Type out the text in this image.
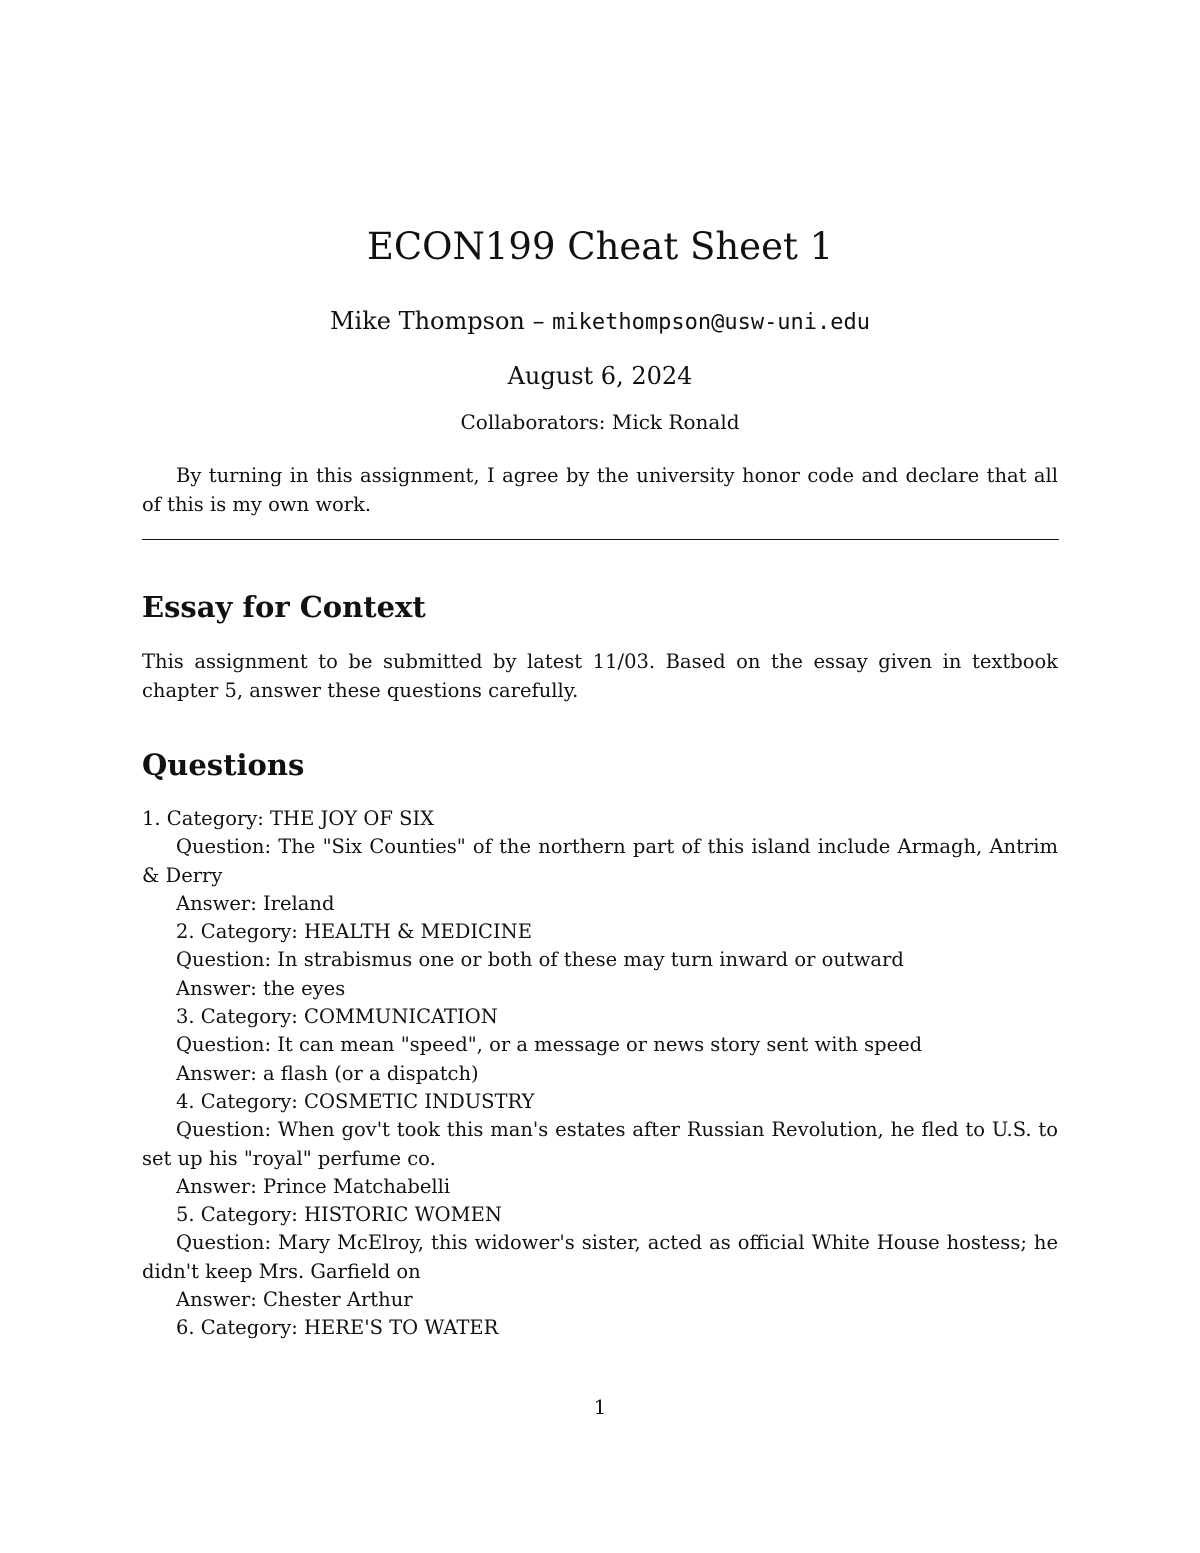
ECON199 Cheat Sheet 1
Mike Thompson – mikethompson@usw-uni.edu
August 6, 2024
Collaborators: Mick Ronald
By turning in this assignment, I agree by the university honor code and declare that all of this is my own work.
Essay for Context
This assignment to be submitted by latest 11/03. Based on the essay given in textbook chapter 5, answer these questions carefully.
Questions
1. Category: THE JOY OF SIX
Question: The "Six Counties" of the northern part of this island include Armagh, Antrim & Derry
Answer: Ireland
2. Category: HEALTH & MEDICINE
Question: In strabismus one or both of these may turn inward or outward
Answer: the eyes
3. Category: COMMUNICATION
Question: It can mean "speed", or a message or news story sent with speed
Answer: a flash (or a dispatch)
4. Category: COSMETIC INDUSTRY
Question: When gov't took this man's estates after Russian Revolution, he fled to U.S. to set up his "royal" perfume co.
Answer: Prince Matchabelli
5. Category: HISTORIC WOMEN
Question: Mary McElroy, this widower's sister, acted as official White House hostess; he didn't keep Mrs. Garfield on
Answer: Chester Arthur
6. Category: HERE'S TO WATER
1
